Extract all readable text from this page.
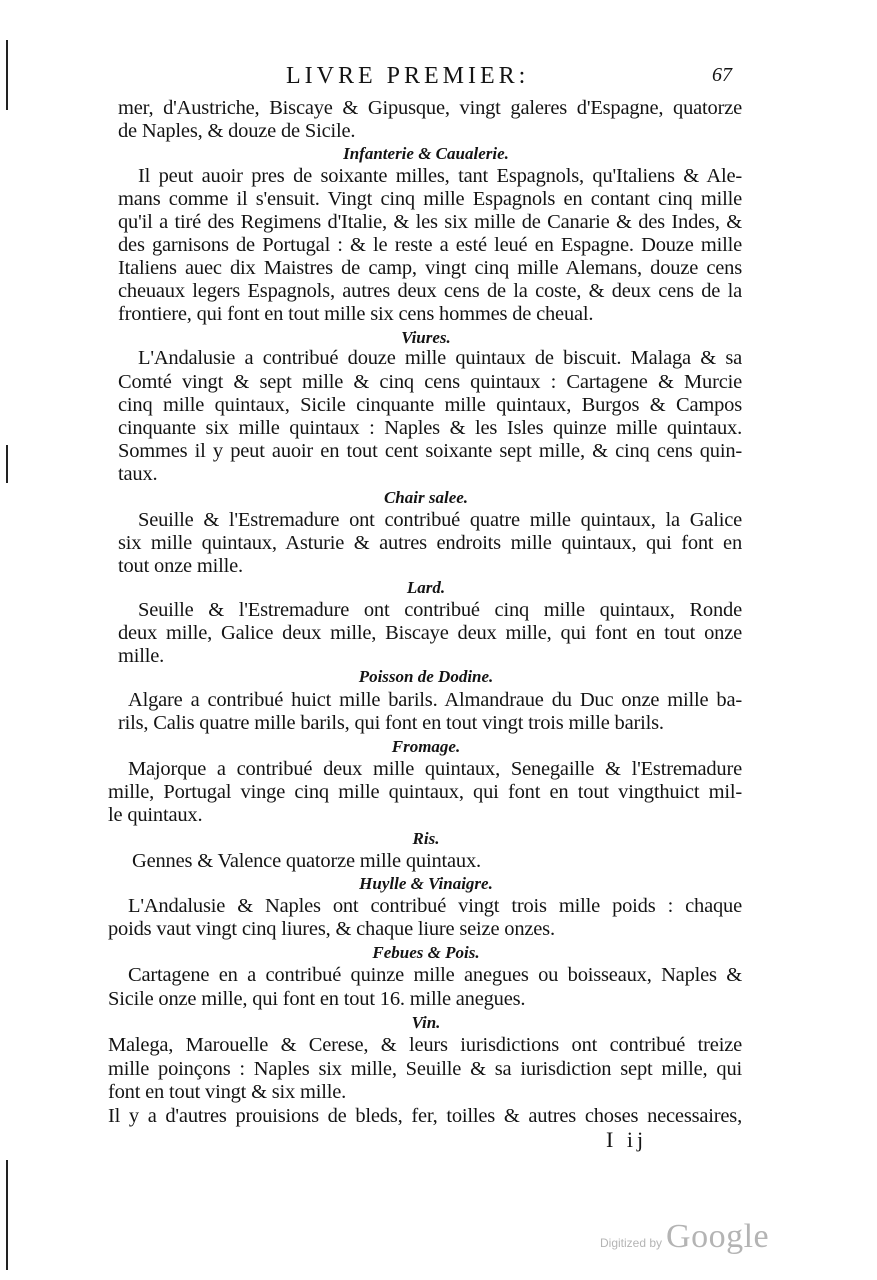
LIVRE PREMIER:	67
mer, d'Austriche, Biscaye & Gipusque, vingt galeres d'Espagne, quatorze
de Naples, & douze de Sicile.
Infanterie & Caualerie.
Il peut auoir pres de soixante milles, tant Espagnols, qu'Italiens & Ale-
mans comme il s'ensuit. Vingt cinq mille Espagnols en contant cinq mille
qu'il a tiré des Regimens d'Italie, & les six mille de Canarie & des Indes, &
des garnisons de Portugal : & le reste a esté leué en Espagne. Douze mille
Italiens auec dix Maistres de camp, vingt cinq mille Alemans, douze cens
cheuaux legers Espagnols, autres deux cens de la coste, & deux cens de la
frontiere, qui font en tout mille six cens hommes de cheual.
Viures.
L'Andalusie a contribué douze mille quintaux de biscuit. Malaga & sa
Comté vingt & sept mille & cinq cens quintaux : Cartagene & Murcie
cinq mille quintaux, Sicile cinquante mille quintaux, Burgos & Campos
cinquante six mille quintaux : Naples & les Isles quinze mille quintaux.
Sommes il y peut auoir en tout cent soixante sept mille, & cinq cens quin-
taux.
Chair salee.
Seuille & l'Estremadure ont contribué quatre mille quintaux, la Galice
six mille quintaux, Asturie & autres endroits mille quintaux, qui font en
tout onze mille.
Lard.
Seuille & l'Estremadure ont contribué cinq mille quintaux, Ronde
deux mille, Galice deux mille, Biscaye deux mille, qui font en tout onze
mille.
Poisson de Dodine.
Algare a contribué huict mille barils. Almandraue du Duc onze mille ba-
rils, Calis quatre mille barils, qui font en tout vingt trois mille barils.
Fromage.
Majorque a contribué deux mille quintaux, Senegaille & l'Estremadure
mille, Portugal vinge cinq mille quintaux, qui font en tout vingthuict mil-
le quintaux.
Ris.
Gennes & Valence quatorze mille quintaux.
Huylle & Vinaigre.
L'Andalusie & Naples ont contribué vingt trois mille poids : chaque
poids vaut vingt cinq liures, & chaque liure seize onzes.
Febues & Pois.
Cartagene en a contribué quinze mille anegues ou boisseaux, Naples &
Sicile onze mille, qui font en tout 16. mille anegues.
Vin.
Malega, Marouelle & Cerese, & leurs iurisdictions ont contribué treize
mille poinçons : Naples six mille, Seuille & sa iurisdiction sept mille, qui
font en tout vingt & six mille.
Il y a d'autres prouisions de bleds, fer, toilles & autres choses necessaires,
I ij
Digitized by Google
